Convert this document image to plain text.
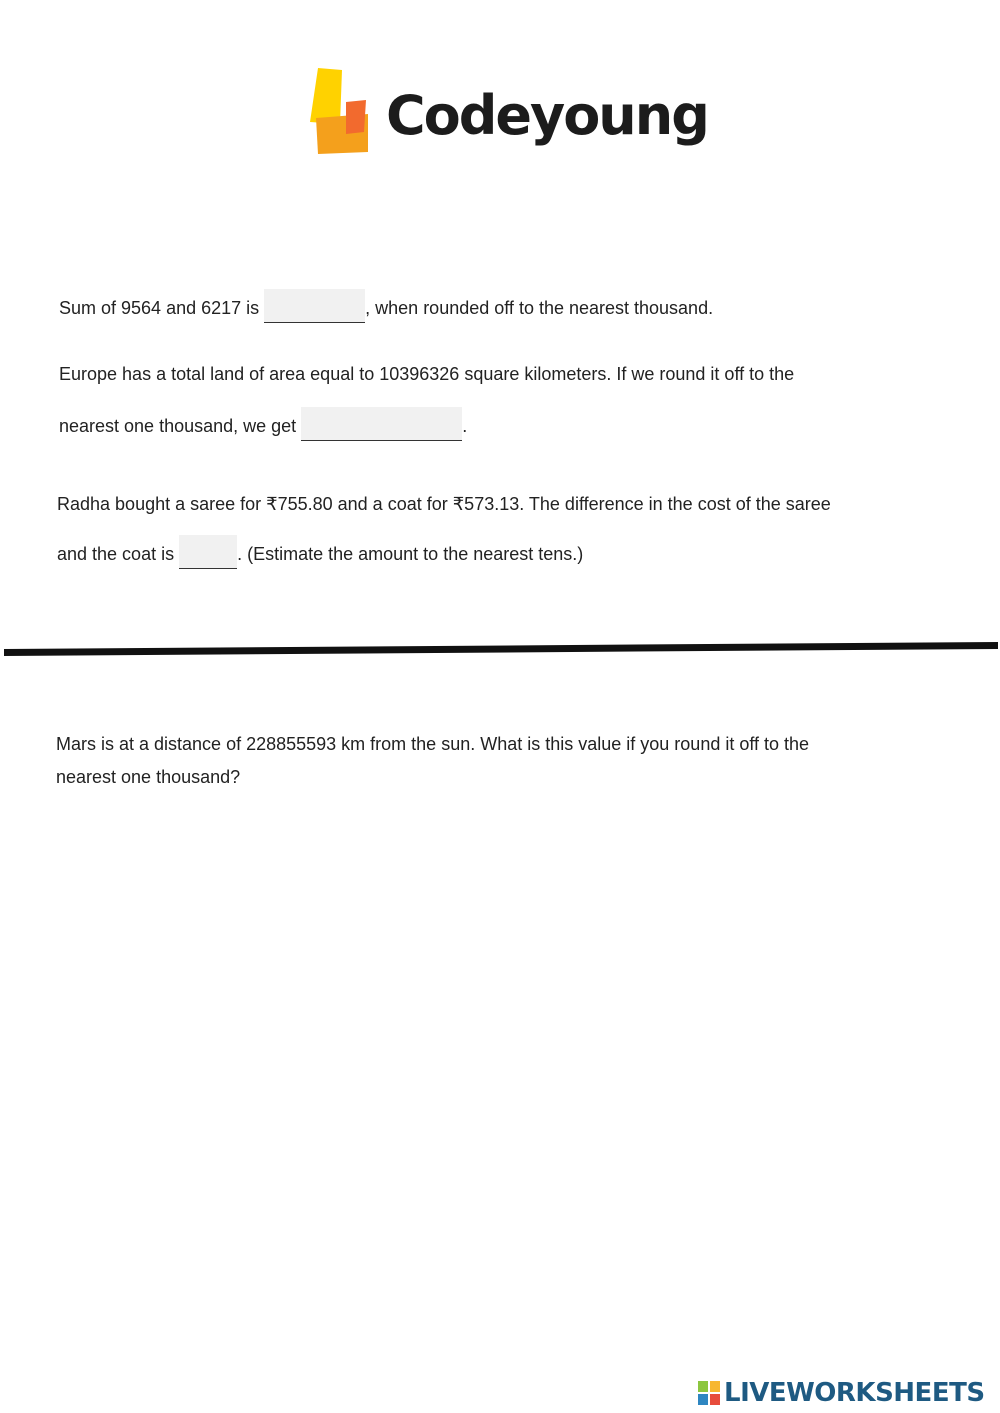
Codeyoung
Sum of 9564 and 6217 is	, when rounded off to the nearest thousand.
Europe has a total land of area equal to 10396326 square kilometers. If we round it off to the
nearest one thousand, we get	.
Radha bought a saree for ₹755.80 and a coat for ₹573.13. The difference in the cost of the saree
and the coat is	. (Estimate the amount to the nearest tens.)
Mars is at a distance of 228855593 km from the sun. What is this value if you round it off to the
nearest one thousand?
LIVEWORKSHEETS
